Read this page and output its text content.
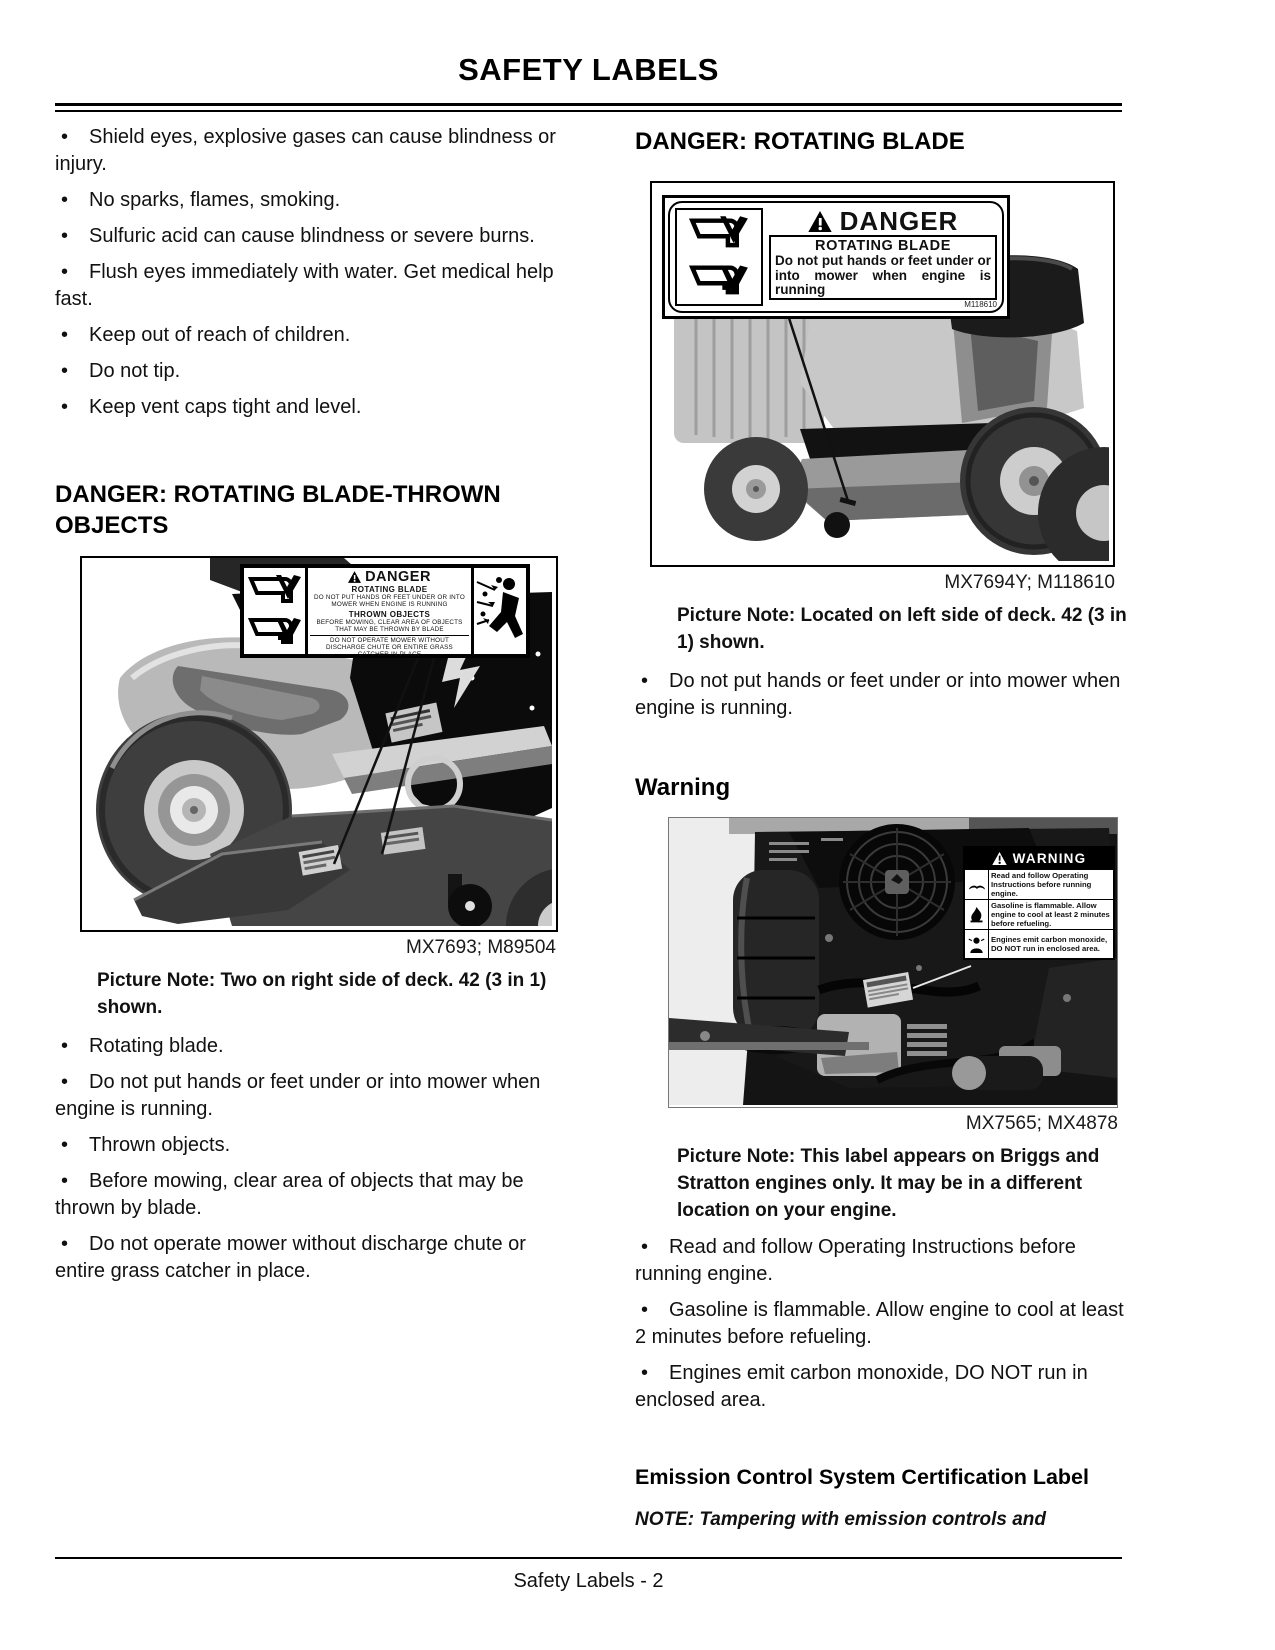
SAFETY LABELS

•Shield eyes, explosive gases can cause blindness or injury.

•No sparks, flames, smoking.

•Sulfuric acid can cause blindness or severe burns.

•Flush eyes immediately with water. Get medical help fast.

•Keep out of reach of children.

•Do not tip.

•Keep vent caps tight and level.

DANGER: ROTATING BLADE-THROWN OBJECTS
DANGER
ROTATING BLADE
DO NOT PUT HANDS OR FEET UNDER OR INTO MOWER WHEN ENGINE IS RUNNING
THROWN OBJECTS
BEFORE MOWING, CLEAR AREA OF OBJECTS THAT MAY BE THROWN BY BLADE
DO NOT OPERATE MOWER WITHOUT DISCHARGE CHUTE OR ENTIRE GRASS CATCHER IN PLACE
MX7693; M89504

Picture Note: Two on right side of deck. 42 (3 in 1) shown.

•Rotating blade.

•Do not put hands or feet under or into mower when engine is running.

•Thrown objects.

•Before mowing, clear area of objects that may be thrown by blade.

•Do not operate mower without discharge chute or entire grass catcher in place.

DANGER: ROTATING BLADE
DANGER
ROTATING BLADE
Do not put hands or feet under or into mower when engine is running
M118610
MX7694Y; M118610

Picture Note: Located on left side of deck. 42 (3 in 1) shown.

•Do not put hands or feet under or into mower when engine is running.

Warning
WARNING
Read and follow Operating Instructions before running engine.
Gasoline is flammable. Allow engine to cool at least 2 minutes before refueling.
Engines emit carbon monoxide, DO NOT run in enclosed area.
MX7565; MX4878

Picture Note: This label appears on Briggs and Stratton engines only. It may be in a different location on your engine.

•Read and follow Operating Instructions before running engine.

•Gasoline is flammable. Allow engine to cool at least 2 minutes before refueling.

•Engines emit carbon monoxide, DO NOT run in enclosed area.

Emission Control System Certification Label

NOTE: Tampering with emission controls and

Safety Labels - 2
